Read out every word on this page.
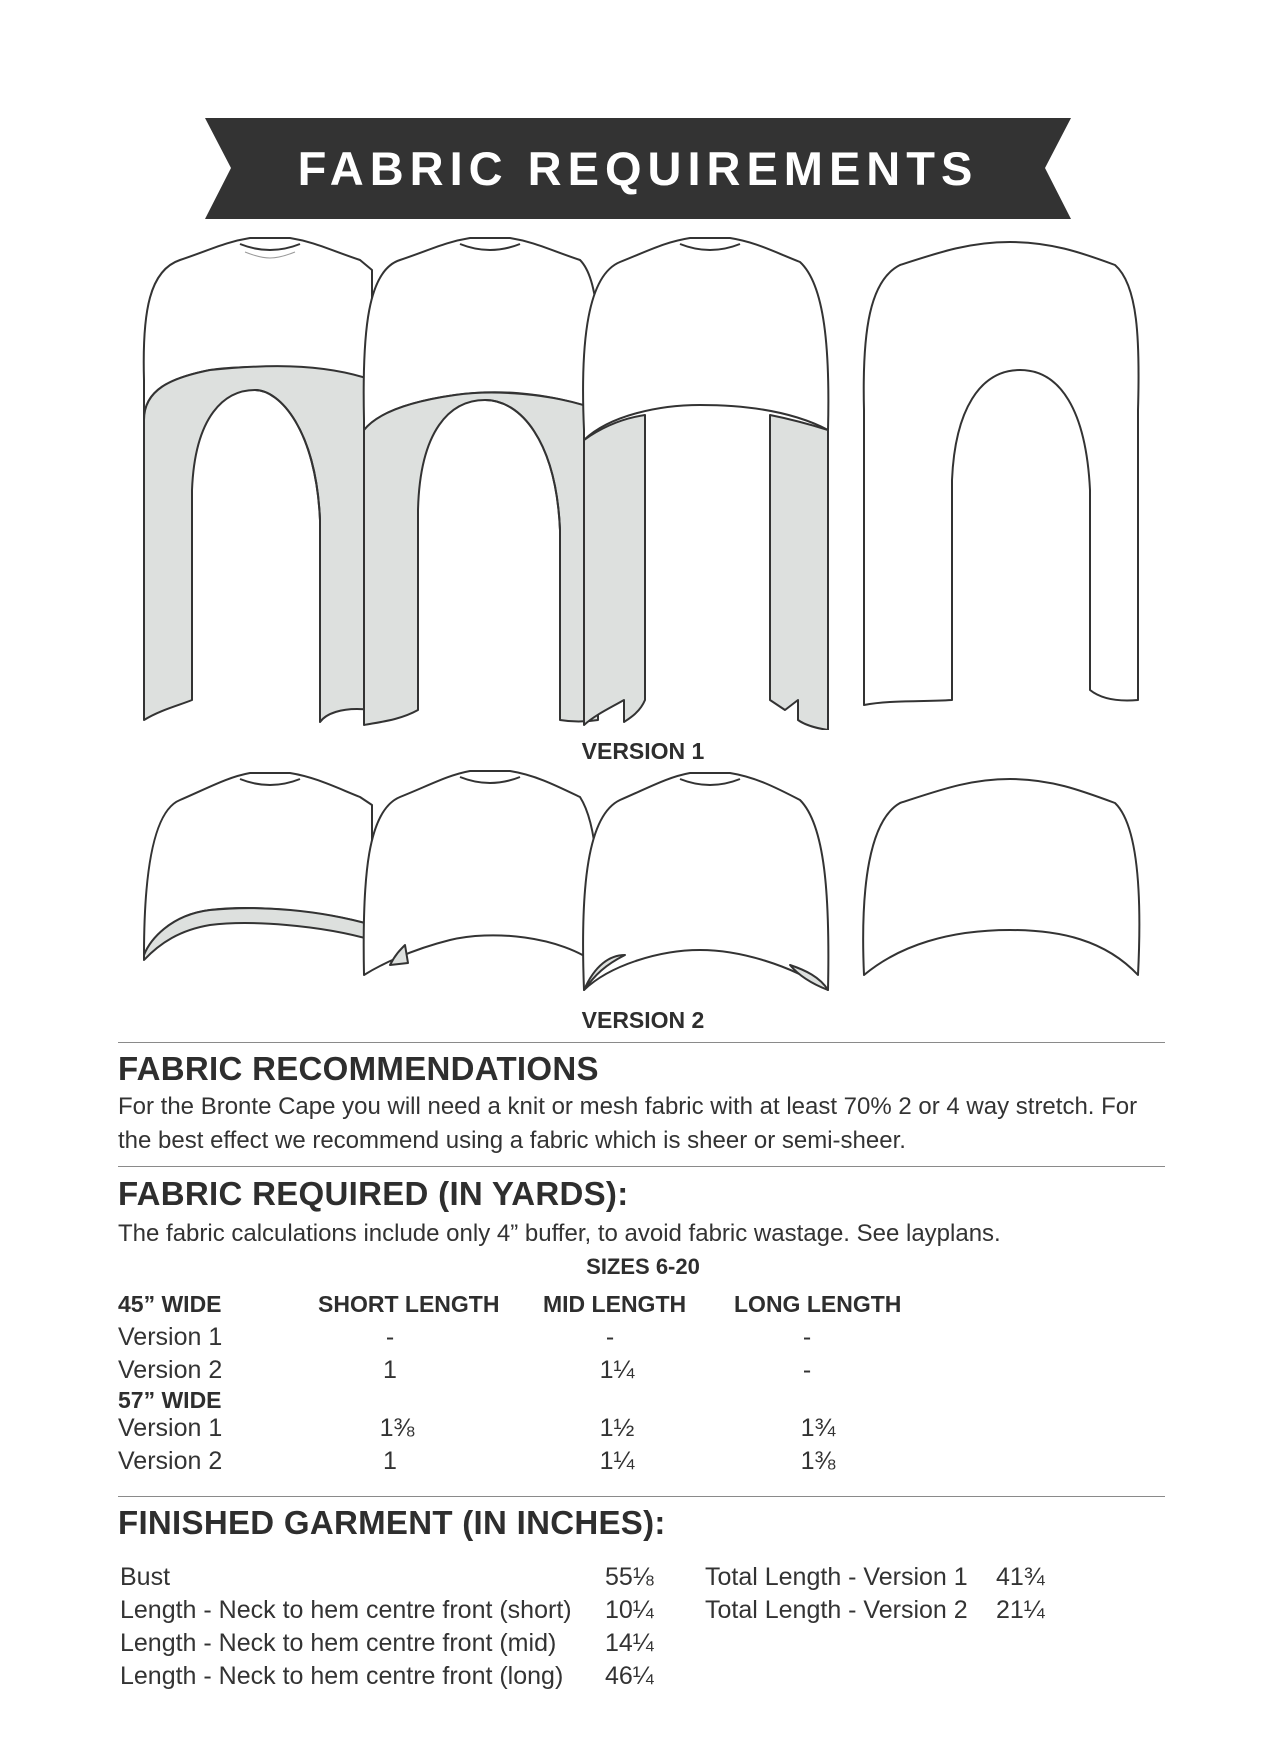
FABRIC REQUIREMENTS
VERSION 1
VERSION 2
FABRIC RECOMMENDATIONS
For the Bronte Cape you will need a knit or mesh fabric with at least 70% 2 or 4 way stretch. For
the best effect we recommend using a fabric which is sheer or semi-sheer.
FABRIC REQUIRED (IN YARDS):
The fabric calculations include only 4” buffer, to avoid fabric wastage. See layplans.
SIZES 6-20
45” WIDE	SHORT LENGTH MID LENGTH LONG LENGTH
Version 1	-	-	-
Version 2	1	1¼	-
57” WIDE
Version 1	1⅜	1½	1¾
Version 2	1	1¼	1⅜
FINISHED GARMENT (IN INCHES):
Bust	55⅛
Length - Neck to hem centre front (short) 10¼
Length - Neck to hem centre front (mid) 14¼
Length - Neck to hem centre front (long) 46¼
Total Length - Version 1 41¾
Total Length - Version 2 21¼
